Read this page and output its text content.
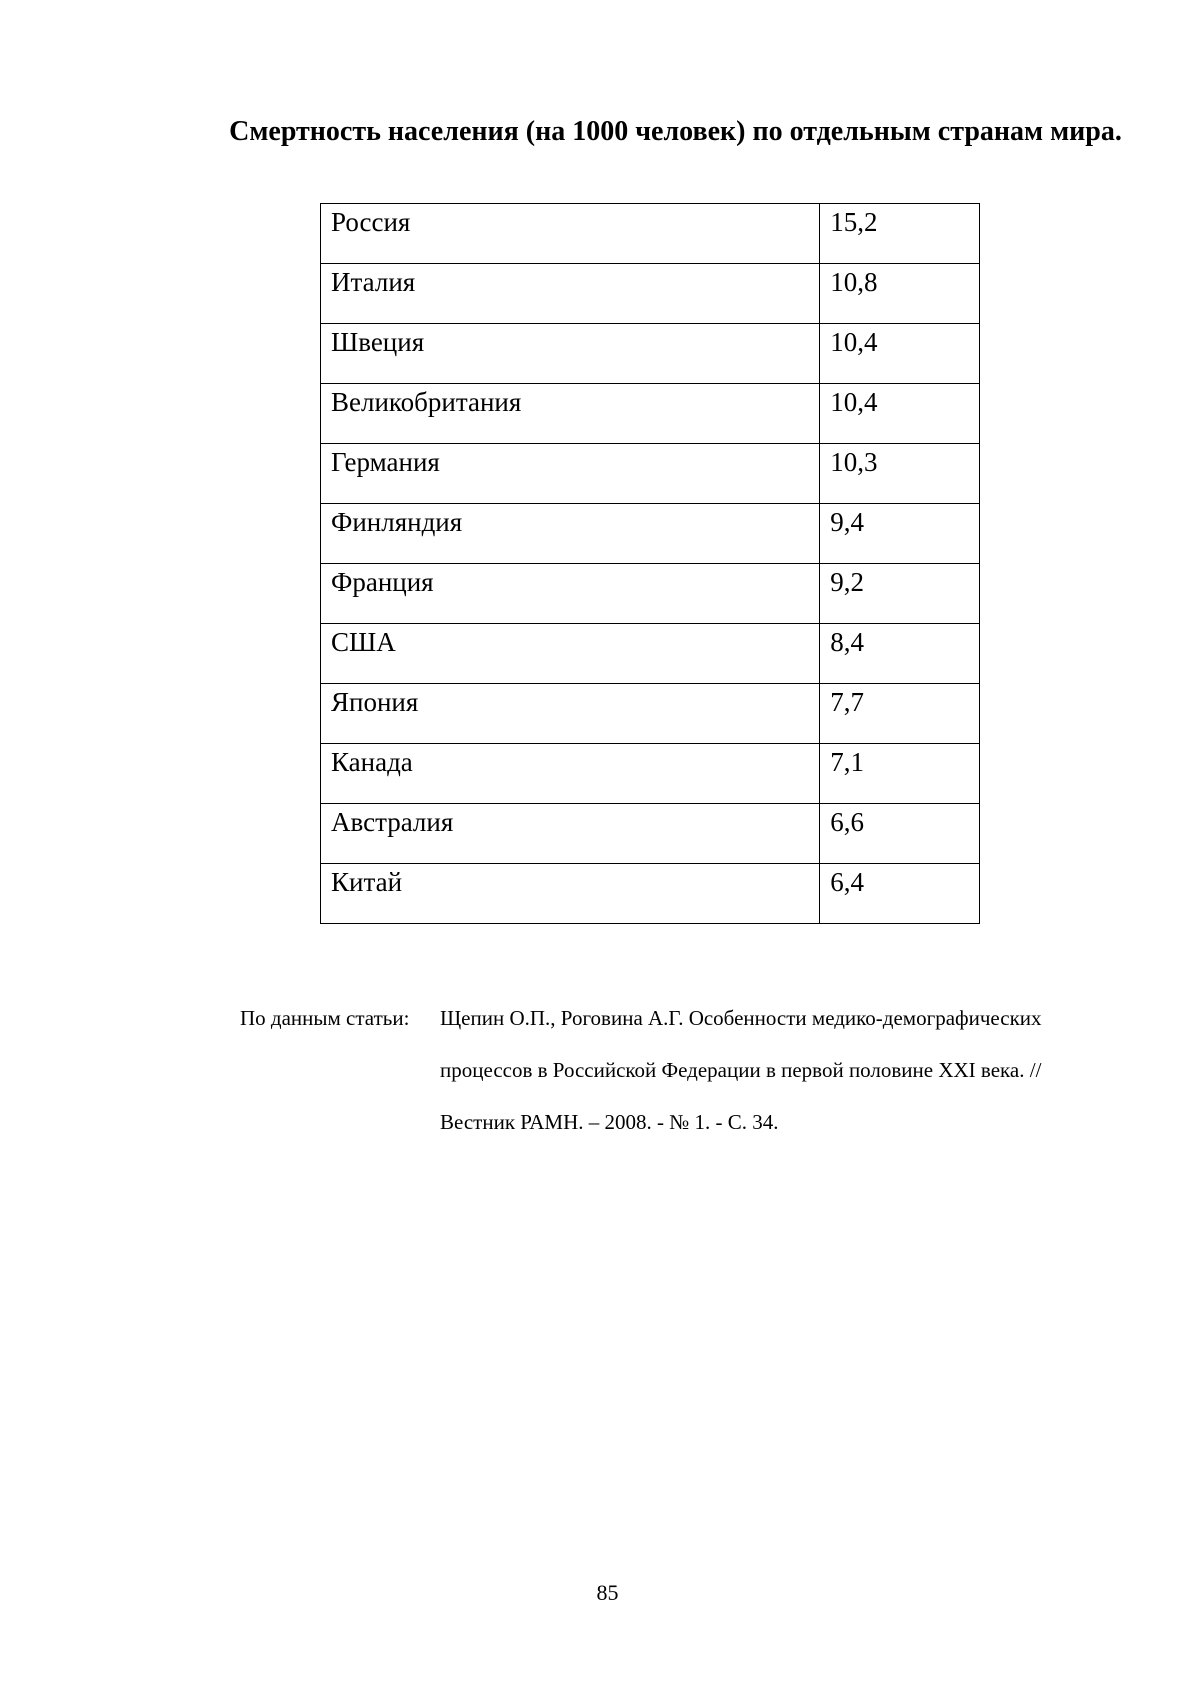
Смертность населения (на 1000 человек) по отдельным странам мира.
Россия	15,2
Италия	10,8
Швеция	10,4
Великобритания	10,4
Германия	10,3
Финляндия	9,4
Франция	9,2
США	8,4
Япония	7,7
Канада	7,1
Австралия	6,6
Китай	6,4
По данным статьи: Щепин О.П., Роговина А.Г. Особенности медико-демографических
процессов в Российской Федерации в первой половине XXI века. //
Вестник РАМН. – 2008. - № 1. - С. 34.
85
